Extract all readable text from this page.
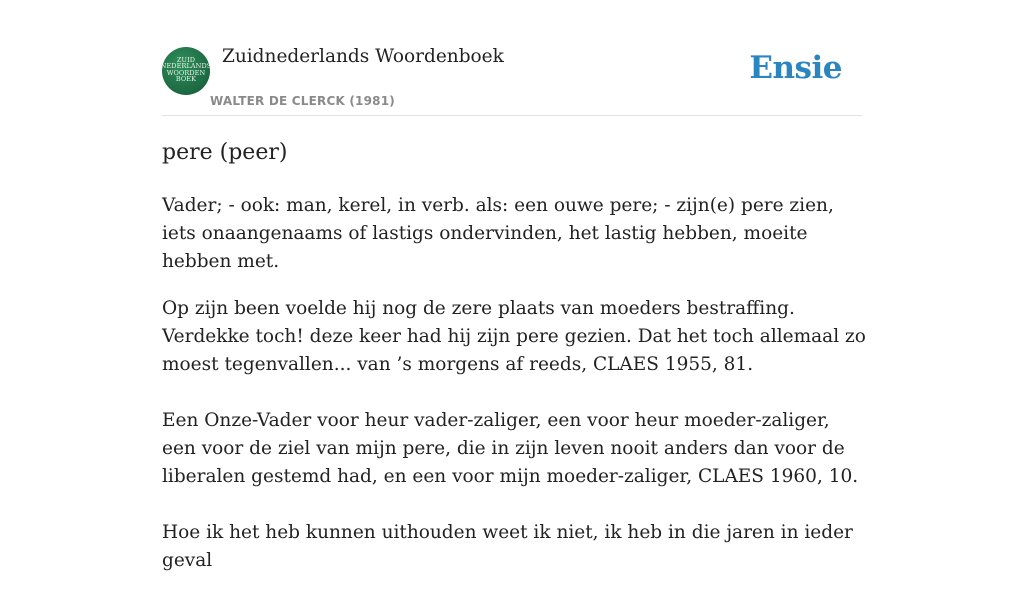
ZUID
NEDERLANDS
WOORDEN
BOEK
Zuidnederlands Woordenboek
WALTER DE CLERCK (1981)
Ensie
pere (peer)

Vader; - ook: man, kerel, in verb. als: een ouwe pere; - zijn(e) pere zien, iets onaangenaams of lastigs ondervinden, het lastig hebben, moeite hebben met.

Op zijn been voelde hij nog de zere plaats van moeders bestraffing. Verdekke toch! deze keer had hij zijn pere gezien. Dat het toch allemaal zo moest tegenvallen... van ’s morgens af reeds, CLAES 1955, 81.

Een Onze-Vader voor heur vader-zaliger, een voor heur moeder-zaliger, een voor de ziel van mijn pere, die in zijn leven nooit anders dan voor de liberalen gestemd had, en een voor mijn moeder-zaliger, CLAES 1960, 10.

Hoe ik het heb kunnen uithouden weet ik niet, ik heb in die jaren in ieder geval
